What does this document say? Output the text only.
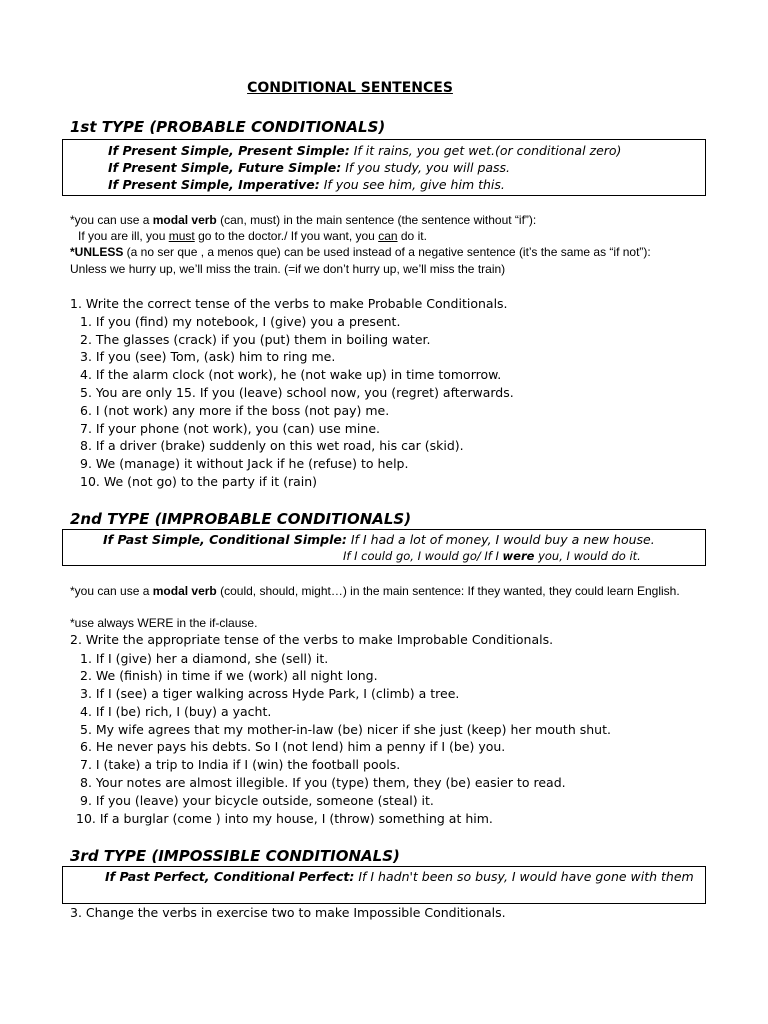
CONDITIONAL SENTENCES
1st TYPE (PROBABLE CONDITIONALS)
If Present Simple, Present Simple: If it rains, you get wet.(or conditional zero)
If Present Simple, Future Simple: If you study, you will pass.
If Present Simple, Imperative: If you see him, give him this.
*you can use a modal verb (can, must) in the main sentence (the sentence without “if”):
If you are ill, you must go to the doctor./ If you want, you can do it.
*UNLESS (a no ser que , a menos que) can be used instead of a negative sentence (it’s the same as “if not”):
Unless we hurry up, we’ll miss the train. (=if we don’t hurry up, we’ll miss the train)
1. Write the correct tense of the verbs to make Probable Conditionals.
1. If you (find) my notebook, I (give) you a present.
2. The glasses (crack) if you (put) them in boiling water.
3. If you (see) Tom, (ask) him to ring me.
4. If the alarm clock (not work), he (not wake up) in time tomorrow.
5. You are only 15. If you (leave) school now, you (regret) afterwards.
6. I (not work) any more if the boss (not pay) me.
7. If your phone (not work), you (can) use mine.
8. If a driver (brake) suddenly on this wet road, his car (skid).
9. We (manage) it without Jack if he (refuse) to help.
10. We (not go) to the party if it (rain)
2nd TYPE (IMPROBABLE CONDITIONALS)
If Past Simple, Conditional Simple: If I had a lot of money, I would buy a new house.
If I could go, I would go/ If I were you, I would do it.
*you can use a modal verb (could, should, might…) in the main sentence: If they wanted, they could learn English.
*use always WERE in the if-clause.
2. Write the appropriate tense of the verbs to make Improbable Conditionals.
1. If I (give) her a diamond, she (sell) it.
2. We (finish) in time if we (work) all night long.
3. If I (see) a tiger walking across Hyde Park, I (climb) a tree.
4. If I (be) rich, I (buy) a yacht.
5. My wife agrees that my mother-in-law (be) nicer if she just (keep) her mouth shut.
6. He never pays his debts. So I (not lend) him a penny if I (be) you.
7. I (take) a trip to India if I (win) the football pools.
8. Your notes are almost illegible. If you (type) them, they (be) easier to read.
9. If you (leave) your bicycle outside, someone (steal) it.
10. If a burglar (come ) into my house, I (throw) something at him.
3rd TYPE (IMPOSSIBLE CONDITIONALS)
If Past Perfect, Conditional Perfect: If I hadn't been so busy, I would have gone with them
3. Change the verbs in exercise two to make Impossible Conditionals.
